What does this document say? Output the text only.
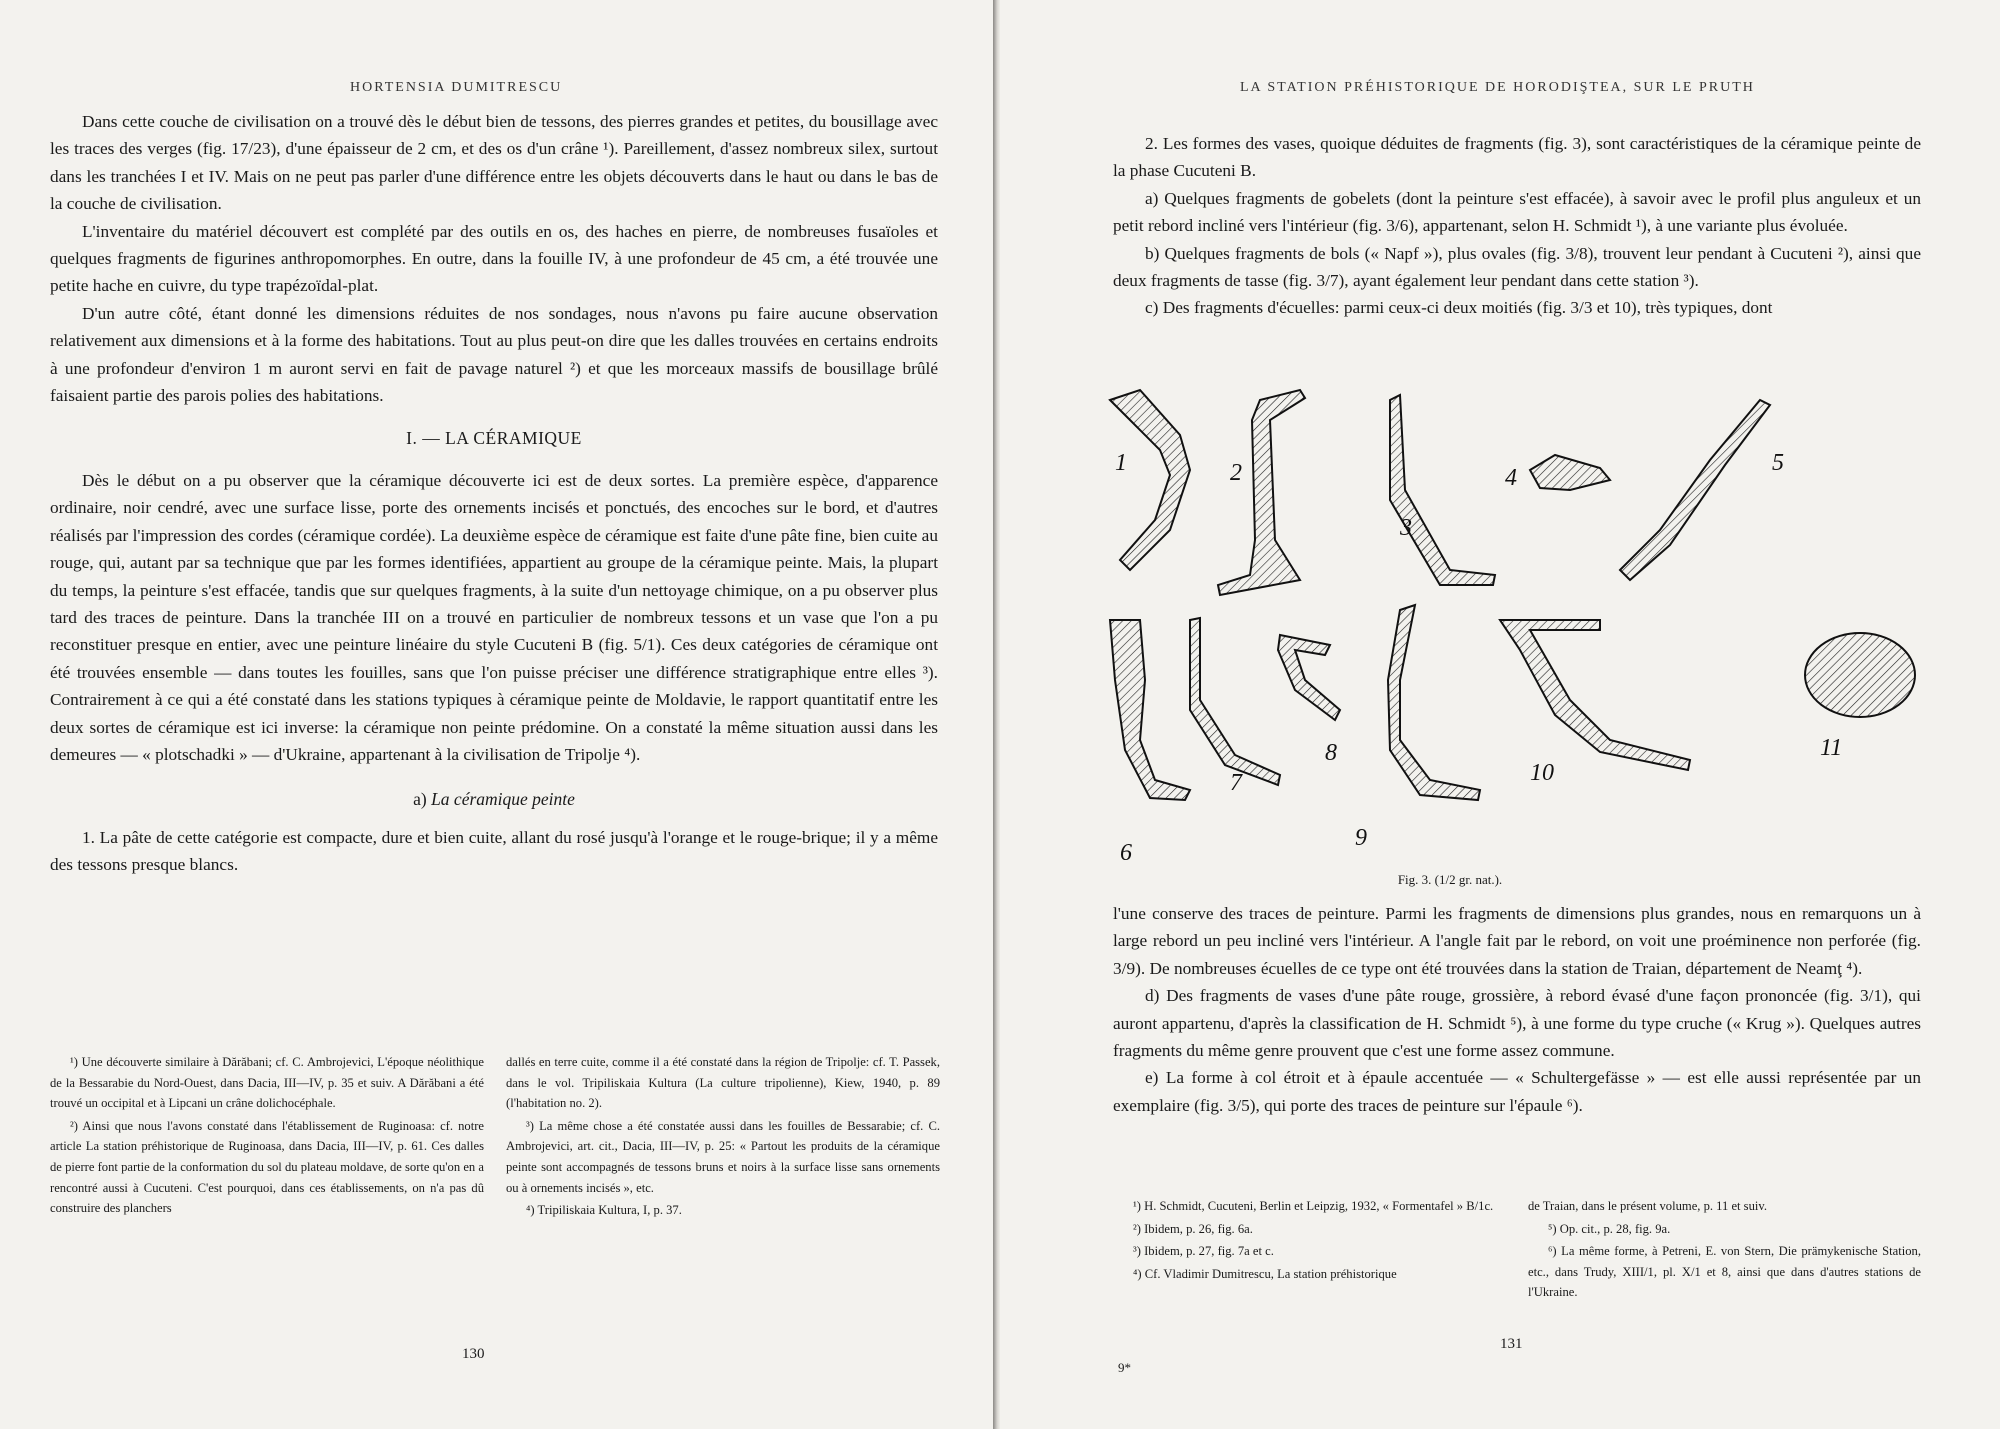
HORTENSIA DUMITRESCU

Dans cette couche de civilisation on a trouvé dès le début bien de tessons, des pierres grandes et petites, du bousillage avec les traces des verges (fig. 17/23), d'une épaisseur de 2 cm, et des os d'un crâne ¹). Pareillement, d'assez nombreux silex, surtout dans les tranchées I et IV. Mais on ne peut pas parler d'une différence entre les objets découverts dans le haut ou dans le bas de la couche de civilisation.

L'inventaire du matériel découvert est complété par des outils en os, des haches en pierre, de nombreuses fusaïoles et quelques fragments de figurines anthropomorphes. En outre, dans la fouille IV, à une profondeur de 45 cm, a été trouvée une petite hache en cuivre, du type trapézoïdal-plat.

D'un autre côté, étant donné les dimensions réduites de nos sondages, nous n'avons pu faire aucune observation relativement aux dimensions et à la forme des habitations. Tout au plus peut-on dire que les dalles trouvées en certains endroits à une profondeur d'environ 1 m auront servi en fait de pavage naturel ²) et que les morceaux massifs de bousillage brûlé faisaient partie des parois polies des habitations.

I. — LA CÉRAMIQUE

Dès le début on a pu observer que la céramique découverte ici est de deux sortes. La première espèce, d'apparence ordinaire, noir cendré, avec une surface lisse, porte des ornements incisés et ponctués, des encoches sur le bord, et d'autres réalisés par l'impression des cordes (céramique cordée). La deuxième espèce de céramique est faite d'une pâte fine, bien cuite au rouge, qui, autant par sa technique que par les formes identifiées, appartient au groupe de la céramique peinte. Mais, la plupart du temps, la peinture s'est effacée, tandis que sur quelques fragments, à la suite d'un nettoyage chimique, on a pu observer plus tard des traces de peinture. Dans la tranchée III on a trouvé en particulier de nombreux tessons et un vase que l'on a pu reconstituer presque en entier, avec une peinture linéaire du style Cucuteni B (fig. 5/1). Ces deux catégories de céramique ont été trouvées ensemble — dans toutes les fouilles, sans que l'on puisse préciser une différence stratigraphique entre elles ³). Contrairement à ce qui a été constaté dans les stations typiques à céramique peinte de Moldavie, le rapport quantitatif entre les deux sortes de céramique est ici inverse: la céramique non peinte prédomine. On a constaté la même situation aussi dans les demeures — « plotschadki » — d'Ukraine, appartenant à la civilisation de Tripolje ⁴).

a) La céramique peinte

1. La pâte de cette catégorie est compacte, dure et bien cuite, allant du rosé jusqu'à l'orange et le rouge-brique; il y a même des tessons presque blancs.

¹) Une découverte similaire à Dărăbani; cf. C. Ambrojevici, L'époque néolithique de la Bessarabie du Nord-Ouest, dans Dacia, III—IV, p. 35 et suiv. A Dărăbani a été trouvé un occipital et à Lipcani un crâne dolichocéphale.

²) Ainsi que nous l'avons constaté dans l'établissement de Ruginoasa: cf. notre article La station préhistorique de Ruginoasa, dans Dacia, III—IV, p. 61. Ces dalles de pierre font partie de la conformation du sol du plateau moldave, de sorte qu'on en a rencontré aussi à Cucuteni. C'est pourquoi, dans ces établissements, on n'a pas dû construire des planchers

dallés en terre cuite, comme il a été constaté dans la région de Tripolje: cf. T. Passek, dans le vol. Tripiliskaia Kultura (La culture tripolienne), Kiew, 1940, p. 89 (l'habitation no. 2).

³) La même chose a été constatée aussi dans les fouilles de Bessarabie; cf. C. Ambrojevici, art. cit., Dacia, III—IV, p. 25: « Partout les produits de la céramique peinte sont accompagnés de tessons bruns et noirs à la surface lisse sans ornements ou à ornements incisés », etc.

⁴) Tripiliskaia Kultura, I, p. 37.

130
LA STATION PRÉHISTORIQUE DE HORODIŞTEA, SUR LE PRUTH

2. Les formes des vases, quoique déduites de fragments (fig. 3), sont caractéristiques de la céramique peinte de la phase Cucuteni B.

a) Quelques fragments de gobelets (dont la peinture s'est effacée), à savoir avec le profil plus anguleux et un petit rebord incliné vers l'intérieur (fig. 3/6), appartenant, selon H. Schmidt ¹), à une variante plus évoluée.

b) Quelques fragments de bols (« Napf »), plus ovales (fig. 3/8), trouvent leur pendant à Cucuteni ²), ainsi que deux fragments de tasse (fig. 3/7), ayant également leur pendant dans cette station ³).

c) Des fragments d'écuelles: parmi ceux-ci deux moitiés (fig. 3/3 et 10), très typiques, dont

1	2
3
4
5
6
7
8
9
10
11
Fig. 3. (1/2 gr. nat.).

l'une conserve des traces de peinture. Parmi les fragments de dimensions plus grandes, nous en remarquons un à large rebord un peu incliné vers l'intérieur. A l'angle fait par le rebord, on voit une proéminence non perforée (fig. 3/9). De nombreuses écuelles de ce type ont été trouvées dans la station de Traian, département de Neamţ ⁴).

d) Des fragments de vases d'une pâte rouge, grossière, à rebord évasé d'une façon prononcée (fig. 3/1), qui auront appartenu, d'après la classification de H. Schmidt ⁵), à une forme du type cruche (« Krug »). Quelques autres fragments du même genre prouvent que c'est une forme assez commune.

e) La forme à col étroit et à épaule accentuée — « Schultergefässe » — est elle aussi représentée par un exemplaire (fig. 3/5), qui porte des traces de peinture sur l'épaule ⁶).

¹) H. Schmidt, Cucuteni, Berlin et Leipzig, 1932, « Formentafel » B/1c.

²) Ibidem, p. 26, fig. 6a.

³) Ibidem, p. 27, fig. 7a et c.

⁴) Cf. Vladimir Dumitrescu, La station préhistorique

de Traian, dans le présent volume, p. 11 et suiv.

⁵) Op. cit., p. 28, fig. 9a.

⁶) La même forme, à Petreni, E. von Stern, Die prämykenische Station, etc., dans Trudy, XIII/1, pl. X/1 et 8, ainsi que dans d'autres stations de l'Ukraine.

131
9*
